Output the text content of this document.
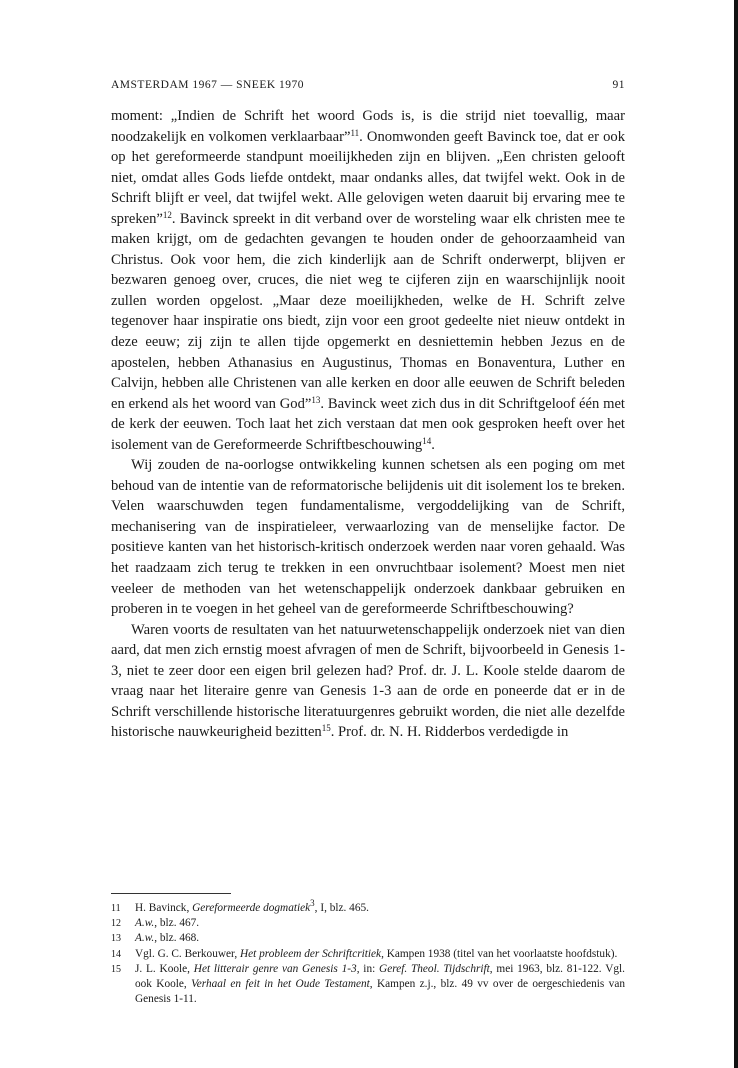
AMSTERDAM 1967 — SNEEK 1970	91

moment: „Indien de Schrift het woord Gods is, is die strijd niet toevallig, maar noodzakelijk en volkomen verklaarbaar”$^{11}$. Onomwonden geeft Bavinck toe, dat er ook op het gereformeerde standpunt moeilijkheden zijn en blijven. „Een christen gelooft niet, omdat alles Gods liefde ontdekt, maar ondanks alles, dat twijfel wekt. Ook in de Schrift blijft er veel, dat twijfel wekt. Alle gelovigen weten daaruit bij ervaring mee te spreken”$^{12}$. Bavinck spreekt in dit verband over de worsteling waar elk christen mee te maken krijgt, om de gedachten gevangen te houden onder de gehoorzaamheid van Christus. Ook voor hem, die zich kinderlijk aan de Schrift onderwerpt, blijven er bezwaren genoeg over, cruces, die niet weg te cijferen zijn en waarschijnlijk nooit zullen worden opgelost. „Maar deze moeilijkheden, welke de H. Schrift zelve tegenover haar inspiratie ons biedt, zijn voor een groot gedeelte niet nieuw ontdekt in deze eeuw; zij zijn te allen tijde opgemerkt en desniettemin hebben Jezus en de apostelen, hebben Athanasius en Augustinus, Thomas en Bonaventura, Luther en Calvijn, hebben alle Christenen van alle kerken en door alle eeuwen de Schrift beleden en erkend als het woord van God”$^{13}$. Bavinck weet zich dus in dit Schriftgeloof één met de kerk der eeuwen. Toch laat het zich verstaan dat men ook gesproken heeft over het isolement van de Gereformeerde Schriftbeschouwing$^{14}$.

Wij zouden de na-oorlogse ontwikkeling kunnen schetsen als een poging om met behoud van de intentie van de reformatorische belijdenis uit dit isolement los te breken. Velen waarschuwden tegen fundamentalisme, vergoddelijking van de Schrift, mechanisering van de inspiratieleer, verwaarlozing van de menselijke factor. De positieve kanten van het historisch-kritisch onderzoek werden naar voren gehaald. Was het raadzaam zich terug te trekken in een onvruchtbaar isolement? Moest men niet veeleer de methoden van het wetenschappelijk onderzoek dankbaar gebruiken en proberen in te voegen in het geheel van de gereformeerde Schriftbeschouwing?

Waren voorts de resultaten van het natuurwetenschappelijk onderzoek niet van dien aard, dat men zich ernstig moest afvragen of men de Schrift, bijvoorbeeld in Genesis 1-3, niet te zeer door een eigen bril gelezen had? Prof. dr. J. L. Koole stelde daarom de vraag naar het literaire genre van Genesis 1-3 aan de orde en poneerde dat er in de Schrift verschillende historische literatuurgenres gebruikt worden, die niet alle dezelfde historische nauwkeurigheid bezitten$^{15}$. Prof. dr. N. H. Ridderbos verdedigde in

11	H. Bavinck, Gereformeerde dogmatiek$^3$, I, blz. 465.
12	A.w., blz. 467.
13	A.w., blz. 468.
14	Vgl. G. C. Berkouwer, Het probleem der Schriftcritiek, Kampen 1938 (titel van het voorlaatste hoofdstuk).
15	J. L. Koole, Het litterair genre van Genesis 1-3, in: Geref. Theol. Tijdschrift, mei 1963, blz. 81-122. Vgl. ook Koole, Verhaal en feit in het Oude Testament, Kampen z.j., blz. 49 vv over de oergeschiedenis van Genesis 1-11.
